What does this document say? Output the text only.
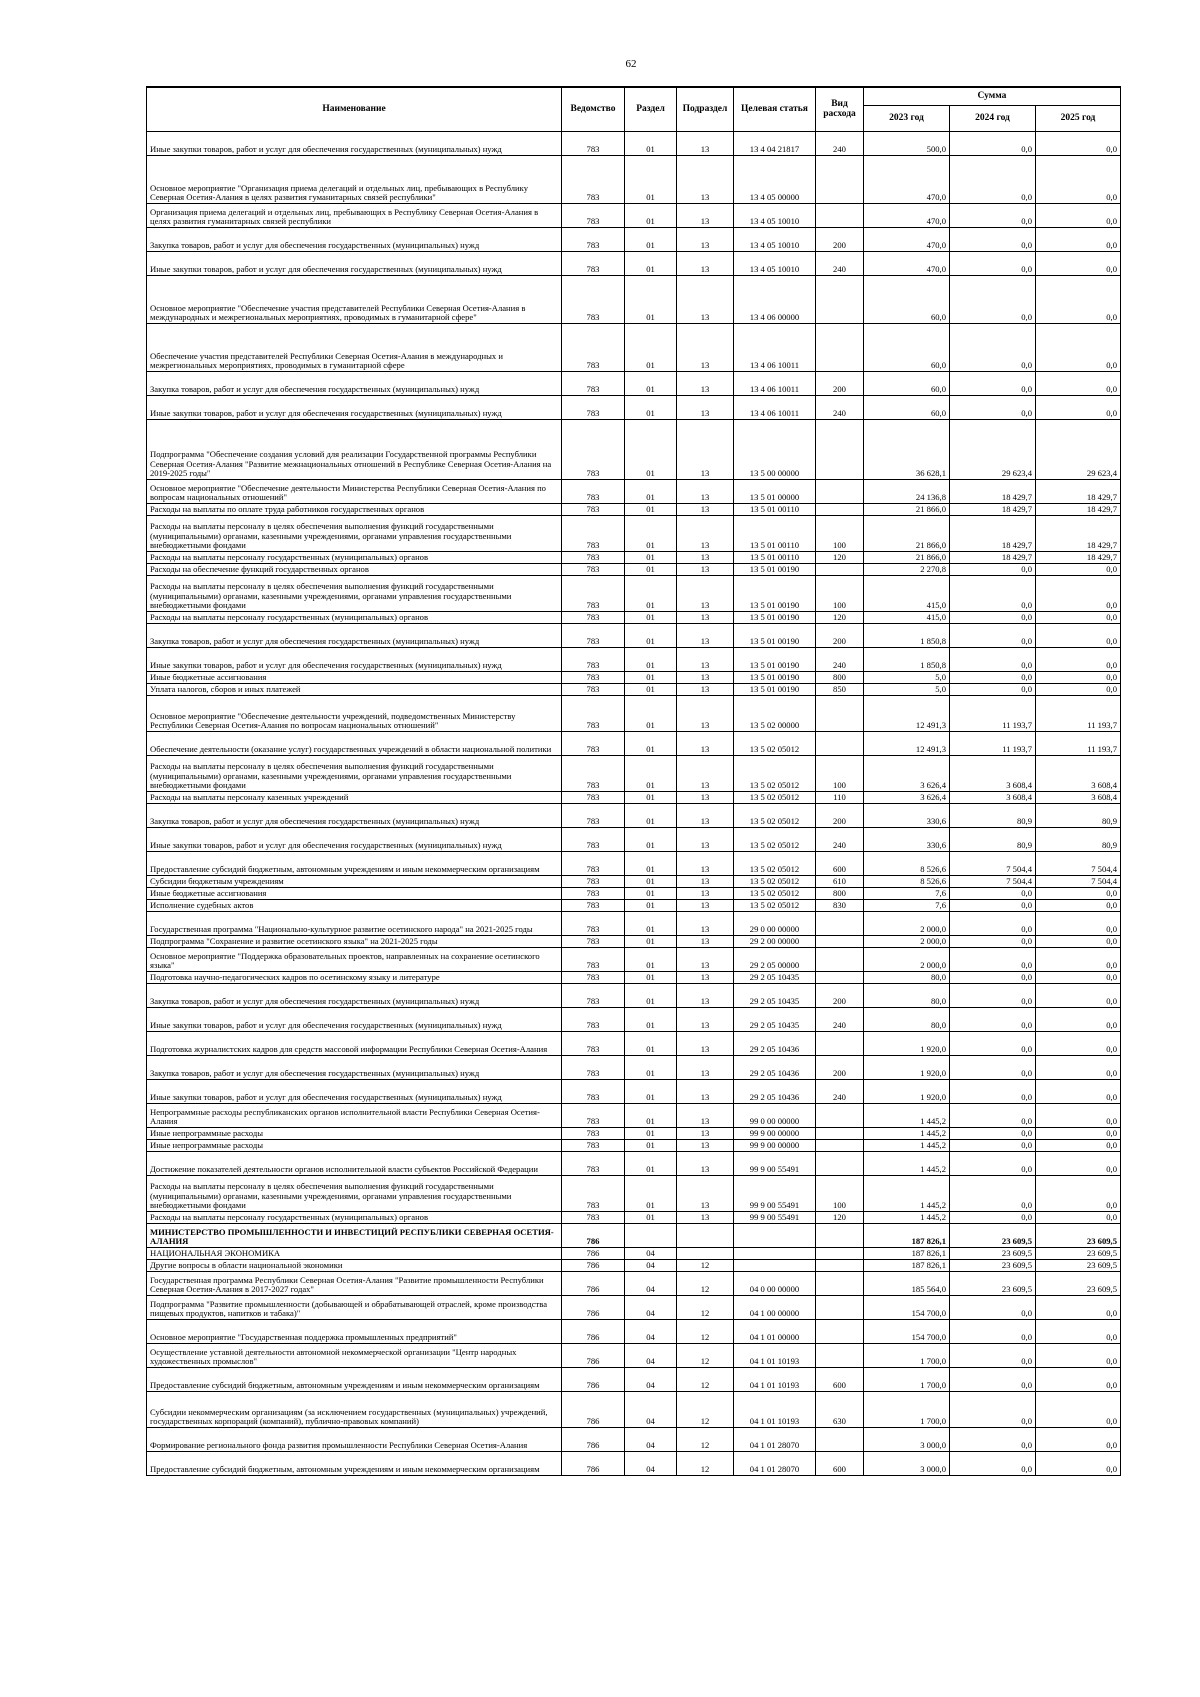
62
Наименование	Ведомство	Раздел	Подраздел	Целевая статья	Вид расхода	Сумма		
						2023 год	2024 год	2025 год
Иные закупки товаров, работ и услуг для обеспечения государственных (муниципальных) нужд	783	01	13	13 4 04 21817	240	500,0	0,0	0,0
Основное мероприятие "Организация приема делегаций и отдельных лиц, пребывающих в Республику Северная Осетия-Алания в целях развития гуманитарных связей республики"	783	01	13	13 4 05 00000		470,0	0,0	0,0
Организация приема делегаций и отдельных лиц, пребывающих в Республику Северная Осетия-Алания в целях развития гуманитарных связей республики	783	01	13	13 4 05 10010		470,0	0,0	0,0
Закупка товаров, работ и услуг для обеспечения государственных (муниципальных) нужд	783	01	13	13 4 05 10010	200	470,0	0,0	0,0
Иные закупки товаров, работ и услуг для обеспечения государственных (муниципальных) нужд	783	01	13	13 4 05 10010	240	470,0	0,0	0,0
Основное мероприятие "Обеспечение участия представителей Республики Северная Осетия-Алания в международных и межрегиональных мероприятиях, проводимых в гуманитарной сфере"	783	01	13	13 4 06 00000		60,0	0,0	0,0
Обеспечение участия представителей Республики Северная Осетия-Алания в международных и межрегиональных мероприятиях, проводимых в гуманитарной сфере	783	01	13	13 4 06 10011		60,0	0,0	0,0
Закупка товаров, работ и услуг для обеспечения государственных (муниципальных) нужд	783	01	13	13 4 06 10011	200	60,0	0,0	0,0
Иные закупки товаров, работ и услуг для обеспечения государственных (муниципальных) нужд	783	01	13	13 4 06 10011	240	60,0	0,0	0,0
Подпрограмма "Обеспечение создания условий для реализации Государственной программы Республики Северная Осетия-Алания "Развитие межнациональных отношений в Республике Северная Осетия-Алания на 2019-2025 годы"	783	01	13	13 5 00 00000		36 628,1	29 623,4	29 623,4
Основное мероприятие "Обеспечение деятельности Министерства Республики Северная Осетия-Алания по вопросам национальных отношений"	783	01	13	13 5 01 00000		24 136,8	18 429,7	18 429,7
Расходы на выплаты по оплате труда работников государственных органов	783	01	13	13 5 01 00110		21 866,0	18 429,7	18 429,7
Расходы на выплаты персоналу в целях обеспечения выполнения функций государственными (муниципальными) органами, казенными учреждениями, органами управления государственными внебюджетными фондами	783	01	13	13 5 01 00110	100	21 866,0	18 429,7	18 429,7
Расходы на выплаты персоналу государственных (муниципальных) органов	783	01	13	13 5 01 00110	120	21 866,0	18 429,7	18 429,7
Расходы на обеспечение функций государственных органов	783	01	13	13 5 01 00190		2 270,8	0,0	0,0
Расходы на выплаты персоналу в целях обеспечения выполнения функций государственными (муниципальными) органами, казенными учреждениями, органами управления государственными внебюджетными фондами	783	01	13	13 5 01 00190	100	415,0	0,0	0,0
Расходы на выплаты персоналу государственных (муниципальных) органов	783	01	13	13 5 01 00190	120	415,0	0,0	0,0
Закупка товаров, работ и услуг для обеспечения государственных (муниципальных) нужд	783	01	13	13 5 01 00190	200	1 850,8	0,0	0,0
Иные закупки товаров, работ и услуг для обеспечения государственных (муниципальных) нужд	783	01	13	13 5 01 00190	240	1 850,8	0,0	0,0
Иные бюджетные ассигнования	783	01	13	13 5 01 00190	800	5,0	0,0	0,0
Уплата налогов, сборов и иных платежей	783	01	13	13 5 01 00190	850	5,0	0,0	0,0
Основное мероприятие "Обеспечение деятельности учреждений, подведомственных Министерству Республики Северная Осетия-Алания по вопросам национальных отношений"	783	01	13	13 5 02 00000		12 491,3	11 193,7	11 193,7
Обеспечение деятельности (оказание услуг) государственных учреждений в области национальной политики	783	01	13	13 5 02 05012		12 491,3	11 193,7	11 193,7
Расходы на выплаты персоналу в целях обеспечения выполнения функций государственными (муниципальными) органами, казенными учреждениями, органами управления государственными внебюджетными фондами	783	01	13	13 5 02 05012	100	3 626,4	3 608,4	3 608,4
Расходы на выплаты персоналу казенных учреждений	783	01	13	13 5 02 05012	110	3 626,4	3 608,4	3 608,4
Закупка товаров, работ и услуг для обеспечения государственных (муниципальных) нужд	783	01	13	13 5 02 05012	200	330,6	80,9	80,9
Иные закупки товаров, работ и услуг для обеспечения государственных (муниципальных) нужд	783	01	13	13 5 02 05012	240	330,6	80,9	80,9
Предоставление субсидий бюджетным, автономным учреждениям и иным некоммерческим организациям	783	01	13	13 5 02 05012	600	8 526,6	7 504,4	7 504,4
Субсидии бюджетным учреждениям	783	01	13	13 5 02 05012	610	8 526,6	7 504,4	7 504,4
Иные бюджетные ассигнования	783	01	13	13 5 02 05012	800	7,6	0,0	0,0
Исполнение судебных актов	783	01	13	13 5 02 05012	830	7,6	0,0	0,0
Государственная программа "Национально-культурное развитие осетинского народа" на 2021-2025 годы	783	01	13	29 0 00 00000		2 000,0	0,0	0,0
Подпрограмма "Сохранение и развитие осетинского языка" на 2021-2025 годы	783	01	13	29 2 00 00000		2 000,0	0,0	0,0
Основное мероприятие "Поддержка образовательных проектов, направленных на сохранение осетинского языка"	783	01	13	29 2 05 00000		2 000,0	0,0	0,0
Подготовка научно-педагогических кадров по осетинскому языку и литературе	783	01	13	29 2 05 10435		80,0	0,0	0,0
Закупка товаров, работ и услуг для обеспечения государственных (муниципальных) нужд	783	01	13	29 2 05 10435	200	80,0	0,0	0,0
Иные закупки товаров, работ и услуг для обеспечения государственных (муниципальных) нужд	783	01	13	29 2 05 10435	240	80,0	0,0	0,0
Подготовка журналистских кадров для средств массовой информации Республики Северная Осетия-Алания	783	01	13	29 2 05 10436		1 920,0	0,0	0,0
Закупка товаров, работ и услуг для обеспечения государственных (муниципальных) нужд	783	01	13	29 2 05 10436	200	1 920,0	0,0	0,0
Иные закупки товаров, работ и услуг для обеспечения государственных (муниципальных) нужд	783	01	13	29 2 05 10436	240	1 920,0	0,0	0,0
Непрограммные расходы республиканских органов исполнительной власти Республики Северная Осетия-Алания	783	01	13	99 0 00 00000		1 445,2	0,0	0,0
Иные непрограммные расходы	783	01	13	99 9 00 00000		1 445,2	0,0	0,0
Иные непрограммные расходы	783	01	13	99 9 00 00000		1 445,2	0,0	0,0
Достижение показателей деятельности органов исполнительной власти субъектов Российской Федерации	783	01	13	99 9 00 55491		1 445,2	0,0	0,0
Расходы на выплаты персоналу в целях обеспечения выполнения функций государственными (муниципальными) органами, казенными учреждениями, органами управления государственными внебюджетными фондами	783	01	13	99 9 00 55491	100	1 445,2	0,0	0,0
Расходы на выплаты персоналу государственных (муниципальных) органов	783	01	13	99 9 00 55491	120	1 445,2	0,0	0,0
МИНИСТЕРСТВО ПРОМЫШЛЕННОСТИ И ИНВЕСТИЦИЙ РЕСПУБЛИКИ СЕВЕРНАЯ ОСЕТИЯ-АЛАНИЯ	786					187 826,1	23 609,5	23 609,5
НАЦИОНАЛЬНАЯ ЭКОНОМИКА	786	04				187 826,1	23 609,5	23 609,5
Другие вопросы в области национальной экономики	786	04	12			187 826,1	23 609,5	23 609,5
Государственная программа Республики Северная Осетия-Алания "Развитие промышленности Республики Северная Осетия-Алания в 2017-2027 годах"	786	04	12	04 0 00 00000		185 564,0	23 609,5	23 609,5
Подпрограмма "Развитие промышленности (добывающей и обрабатывающей отраслей, кроме производства пищевых продуктов, напитков и табака)"	786	04	12	04 1 00 00000		154 700,0	0,0	0,0
Основное мероприятие "Государственная поддержка промышленных предприятий"	786	04	12	04 1 01 00000		154 700,0	0,0	0,0
Осуществление уставной деятельности автономной некоммерческой организации "Центр народных художественных промыслов"	786	04	12	04 1 01 10193		1 700,0	0,0	0,0
Предоставление субсидий бюджетным, автономным учреждениям и иным некоммерческим организациям	786	04	12	04 1 01 10193	600	1 700,0	0,0	0,0
Субсидии некоммерческим организациям (за исключением государственных (муниципальных) учреждений, государственных корпораций (компаний), публично-правовых компаний)	786	04	12	04 1 01 10193	630	1 700,0	0,0	0,0
Формирование регионального фонда развития промышленности Республики Северная Осетия-Алания	786	04	12	04 1 01 28070		3 000,0	0,0	0,0
Предоставление субсидий бюджетным, автономным учреждениям и иным некоммерческим организациям	786	04	12	04 1 01 28070	600	3 000,0	0,0	0,0
